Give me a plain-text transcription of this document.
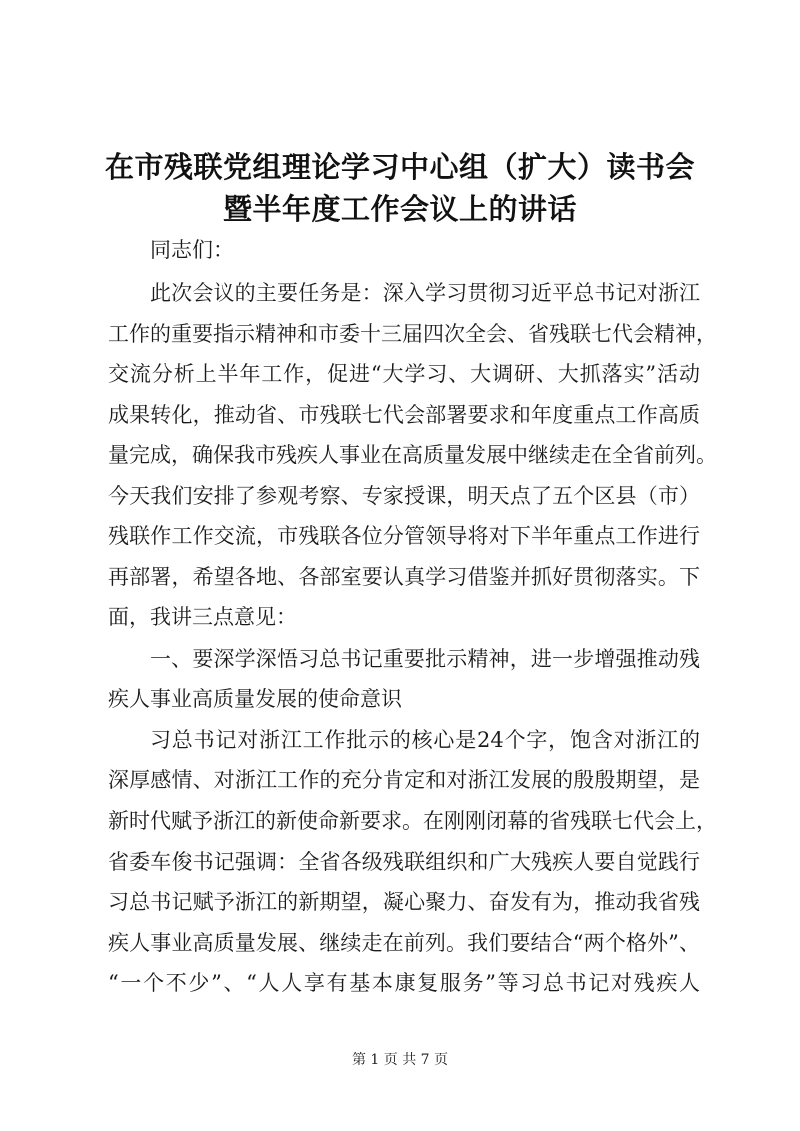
在市残联党组理论学习中心组（扩大）读书会
暨半年度工作会议上的讲话
同志们：
此次会议的主要任务是：深入学习贯彻习近平总书记对浙江
工作的重要指示精神和市委十三届四次全会、省残联七代会精神，
交流分析上半年工作，促进“大学习、大调研、大抓落实”活动
成果转化，推动省、市残联七代会部署要求和年度重点工作高质
量完成，确保我市残疾人事业在高质量发展中继续走在全省前列。
今天我们安排了参观考察、专家授课，明天点了五个区县（市）
残联作工作交流，市残联各位分管领导将对下半年重点工作进行
再部署，希望各地、各部室要认真学习借鉴并抓好贯彻落实。下
面，我讲三点意见：
一、要深学深悟习总书记重要批示精神，进一步增强推动残
疾人事业高质量发展的使命意识
习总书记对浙江工作批示的核心是24个字，饱含对浙江的
深厚感情、对浙江工作的充分肯定和对浙江发展的殷殷期望，是
新时代赋予浙江的新使命新要求。在刚刚闭幕的省残联七代会上，
省委车俊书记强调：全省各级残联组织和广大残疾人要自觉践行
习总书记赋予浙江的新期望，凝心聚力、奋发有为，推动我省残
疾人事业高质量发展、继续走在前列。我们要结合“两个格外”、
“一个不少”、“人人享有基本康复服务”等习总书记对残疾人
第 1 页 共 7 页
